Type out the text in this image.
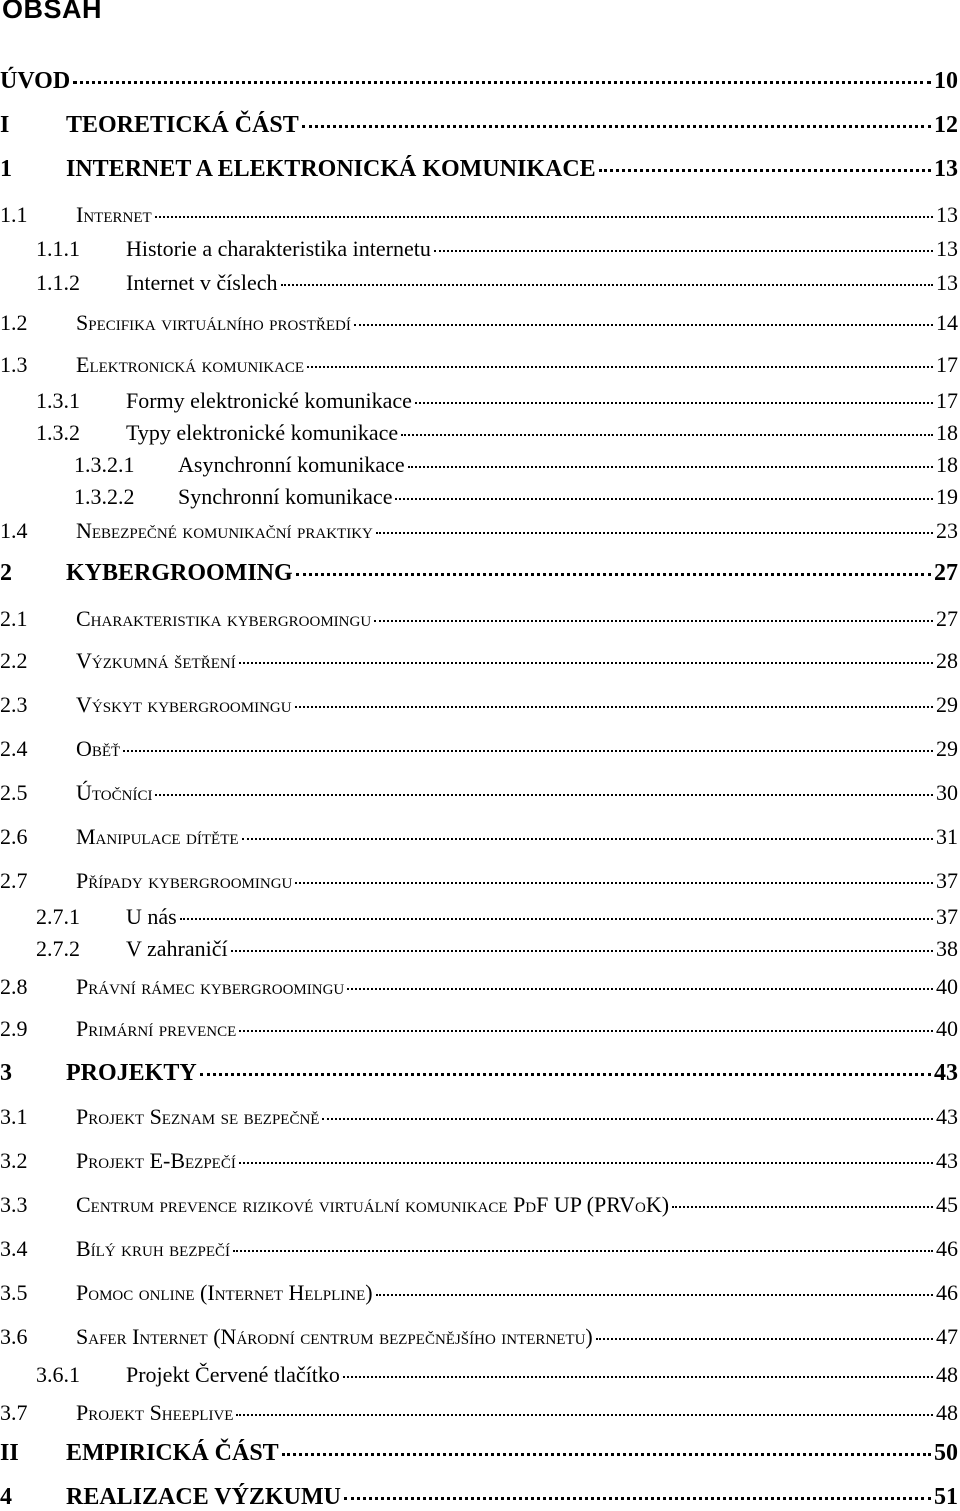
OBSAH
ÚVOD	10
I	TEORETICKÁ ČÁST	12
1	INTERNET A ELEKTRONICKÁ KOMUNIKACE	13
1.1	Internet	13
1.1.1	Historie a charakteristika internetu	13
1.1.2	Internet v číslech	13
1.2	Specifika virtuálního prostředí	14
1.3	Elektronická komunikace	17
1.3.1	Formy elektronické komunikace	17
1.3.2	Typy elektronické komunikace	18
1.3.2.1	Asynchronní komunikace	18
1.3.2.2	Synchronní komunikace	19
1.4	Nebezpečné komunikační praktiky	23
2	KYBERGROOMING	27
2.1	Charakteristika kybergroomingu	27
2.2	Výzkumná šetření	28
2.3	Výskyt kybergroomingu	29
2.4	Oběť	29
2.5	Útočníci	30
2.6	Manipulace dítěte	31
2.7	Případy kybergroomingu	37
2.7.1	U nás	37
2.7.2	V zahraničí	38
2.8	Právní rámec kybergroomingu	40
2.9	Primární prevence	40
3	PROJEKTY	43
3.1	Projekt Seznam se bezpečně	43
3.2	Projekt E-Bezpečí	43
3.3	Centrum prevence rizikové virtuální komunikace PdF UP (PRVoK)	45
3.4	Bílý kruh bezpečí	46
3.5	Pomoc online (Internet Helpline)	46
3.6	Safer Internet (Národní centrum bezpečnějšího internetu)	47
3.6.1	Projekt Červené tlačítko	48
3.7	Projekt Sheeplive	48
II	EMPIRICKÁ ČÁST	50
4	REALIZACE VÝZKUMU	51
